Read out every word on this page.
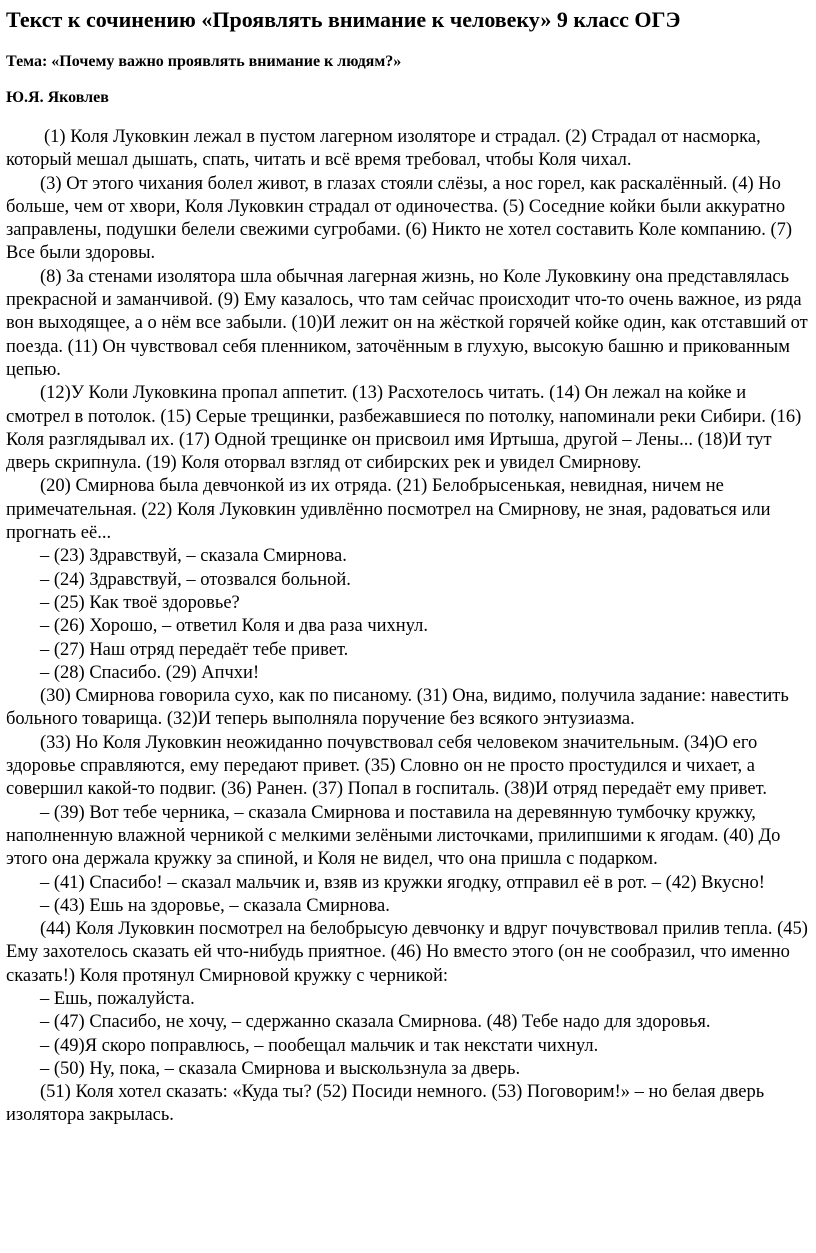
Текст к сочинению «Проявлять внимание к человеку» 9 класс ОГЭ

Тема: «Почему важно проявлять внимание к людям?»

Ю.Я. Яковлев

(1) Коля Луковкин лежал в пустом лагерном изоляторе и страдал. (2) Страдал от насморка, который мешал дышать, спать, читать и всё время требовал, чтобы Коля чихал.

(3) От этого чихания болел живот, в глазах стояли слёзы, а нос горел, как раскалённый. (4) Но больше, чем от хвори, Коля Луковкин страдал от одиночества. (5) Соседние койки были аккуратно заправлены, подушки белели свежими сугробами. (6) Никто не хотел составить Коле компанию. (7) Все были здоровы.

(8) За стенами изолятора шла обычная лагерная жизнь, но Коле Луковкину она представлялась прекрасной и заманчивой. (9) Ему казалось, что там сейчас происходит что-то очень важное, из ряда вон выходящее, а о нём все забыли. (10)И лежит он на жёсткой горячей койке один, как отставший от поезда. (11) Он чувствовал себя пленником, заточённым в глухую, высокую башню и прикованным цепью.

(12)У Коли Луковкина пропал аппетит. (13) Расхотелось читать. (14) Он лежал на койке и смотрел в потолок. (15) Серые трещинки, разбежавшиеся по потолку, напоминали реки Сибири. (16) Коля разглядывал их. (17) Одной трещинке он присвоил имя Иртыша, другой – Лены... (18)И тут дверь скрипнула. (19) Коля оторвал взгляд от сибирских рек и увидел Смирнову.

(20) Смирнова была девчонкой из их отряда. (21) Белобрысенькая, невидная, ничем не примечательная. (22) Коля Луковкин удивлённо посмотрел на Смирнову, не зная, радоваться или прогнать её...

– (23) Здравствуй, – сказала Смирнова.

– (24) Здравствуй, – отозвался больной.

– (25) Как твоё здоровье?

– (26) Хорошо, – ответил Коля и два раза чихнул.

– (27) Наш отряд передаёт тебе привет.

– (28) Спасибо. (29) Апчхи!

(30) Смирнова говорила сухо, как по писаному. (31) Она, видимо, получила задание: навестить больного товарища. (32)И теперь выполняла поручение без всякого энтузиазма.

(33) Но Коля Луковкин неожиданно почувствовал себя человеком значительным. (34)О его здоровье справляются, ему передают привет. (35) Словно он не просто простудился и чихает, а совершил какой-то подвиг. (36) Ранен. (37) Попал в госпиталь. (38)И отряд передаёт ему привет.

– (39) Вот тебе черника, – сказала Смирнова и поставила на деревянную тумбочку кружку, наполненную влажной черникой с мелкими зелёными листочками, прилипшими к ягодам. (40) До этого она держала кружку за спиной, и Коля не видел, что она пришла с подарком.

– (41) Спасибо! – сказал мальчик и, взяв из кружки ягодку, отправил её в рот. – (42) Вкусно!

– (43) Ешь на здоровье, – сказала Смирнова.

(44) Коля Луковкин посмотрел на белобрысую девчонку и вдруг почувствовал прилив тепла. (45) Ему захотелось сказать ей что-нибудь приятное. (46) Но вместо этого (он не сообразил, что именно сказать!) Коля протянул Смирновой кружку с черникой:

– Ешь, пожалуйста.

– (47) Спасибо, не хочу, – сдержанно сказала Смирнова. (48) Тебе надо для здоровья.

– (49)Я скоро поправлюсь, – пообещал мальчик и так некстати чихнул.

– (50) Ну, пока, – сказала Смирнова и выскользнула за дверь.

(51) Коля хотел сказать: «Куда ты? (52) Посиди немного. (53) Поговорим!» – но белая дверь изолятора закрылась.
